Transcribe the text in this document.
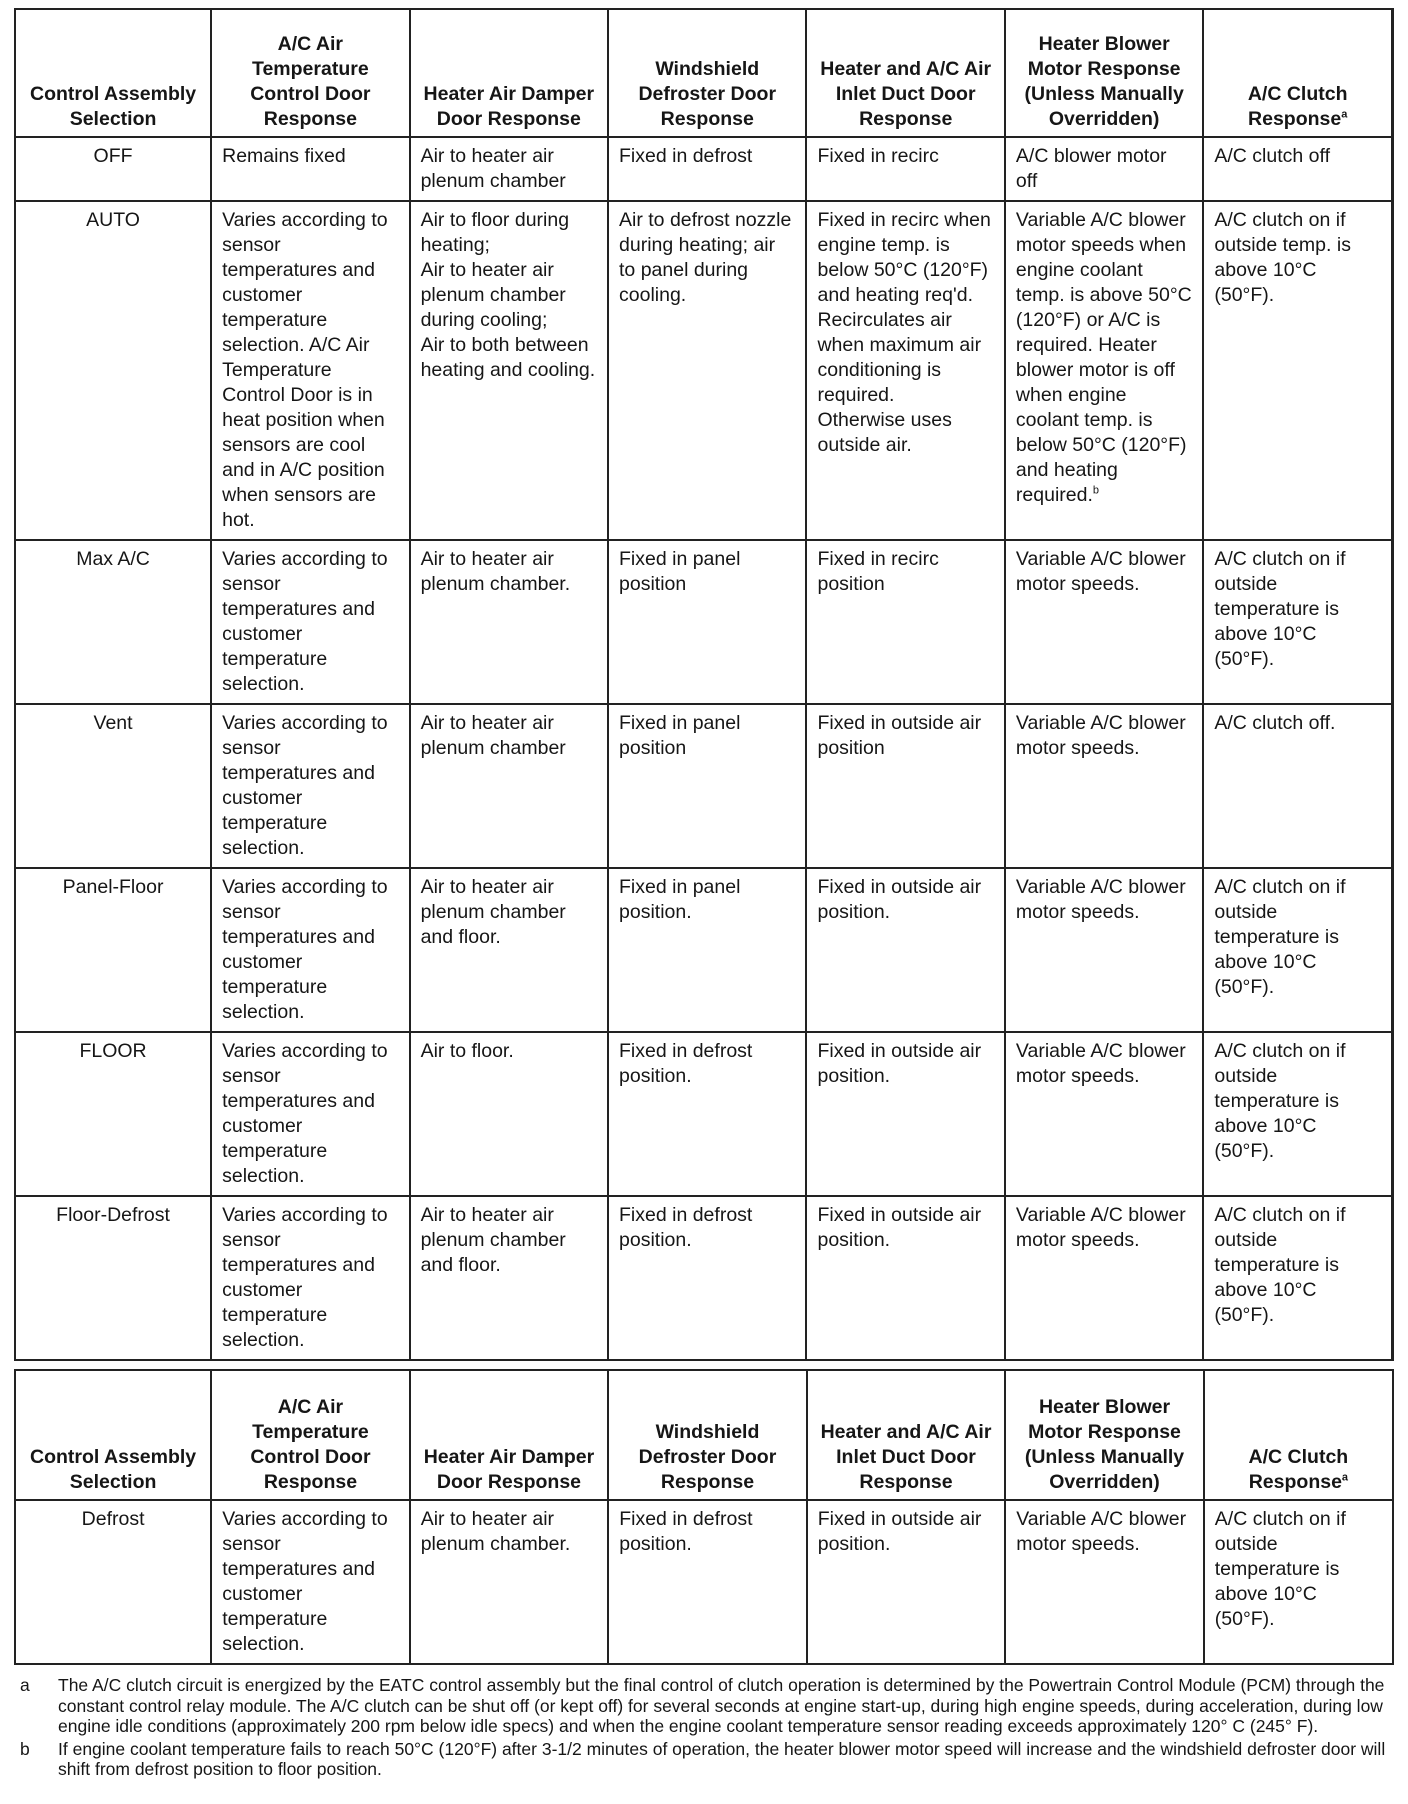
Control Assembly Selection	A/C Air Temperature Control Door Response	Heater Air Damper Door Response	Windshield Defroster Door Response	Heater and A/C Air Inlet Duct Door Response	Heater Blower Motor Response (Unless Manually Overridden)	A/C Clutch Response$^a$
OFF	Remains fixed	Air to heater air plenum chamber	Fixed in defrost	Fixed in recirc	A/C blower motor off	A/C clutch off
AUTO	Varies according to sensor temperatures and customer temperature selection. A/C Air Temperature Control Door is in heat position when sensors are cool and in A/C position when sensors are hot.	Air to floor during heating;
Air to heater air plenum chamber during cooling;
Air to both between heating and cooling.	Air to defrost nozzle during heating; air to panel during cooling.	Fixed in recirc when engine temp. is below 50°C (120°F) and heating req'd.
Recirculates air when maximum air conditioning is required.
Otherwise uses outside air.	Variable A/C blower motor speeds when engine coolant temp. is above 50°C (120°F) or A/C is required. Heater blower motor is off when engine coolant temp. is below 50°C (120°F) and heating required.$^b$	A/C clutch on if outside temp. is above 10°C (50°F).
Max A/C	Varies according to sensor temperatures and customer temperature selection.	Air to heater air plenum chamber.	Fixed in panel position	Fixed in recirc position	Variable A/C blower motor speeds.	A/C clutch on if outside temperature is above 10°C (50°F).
Vent	Varies according to sensor temperatures and customer temperature selection.	Air to heater air plenum chamber	Fixed in panel position	Fixed in outside air position	Variable A/C blower motor speeds.	A/C clutch off.
Panel-Floor	Varies according to sensor temperatures and customer temperature selection.	Air to heater air plenum chamber and floor.	Fixed in panel position.	Fixed in outside air position.	Variable A/C blower motor speeds.	A/C clutch on if outside temperature is above 10°C (50°F).
FLOOR	Varies according to sensor temperatures and customer temperature selection.	Air to floor.	Fixed in defrost position.	Fixed in outside air position.	Variable A/C blower motor speeds.	A/C clutch on if outside temperature is above 10°C (50°F).
Floor-Defrost	Varies according to sensor temperatures and customer temperature selection.	Air to heater air plenum chamber and floor.	Fixed in defrost position.	Fixed in outside air position.	Variable A/C blower motor speeds.	A/C clutch on if outside temperature is above 10°C (50°F).
Control Assembly Selection	A/C Air Temperature Control Door Response	Heater Air Damper Door Response	Windshield Defroster Door Response	Heater and A/C Air Inlet Duct Door Response	Heater Blower Motor Response (Unless Manually Overridden)	A/C Clutch Response$^a$
Defrost	Varies according to sensor temperatures and customer temperature selection.	Air to heater air plenum chamber.	Fixed in defrost position.	Fixed in outside air position.	Variable A/C blower motor speeds.	A/C clutch on if outside temperature is above 10°C (50°F).
a	The A/C clutch circuit is energized by the EATC control assembly but the final control of clutch operation is determined by the Powertrain Control Module (PCM) through the constant control relay module. The A/C clutch can be shut off (or kept off) for several seconds at engine start-up, during high engine speeds, during acceleration, during low engine idle conditions (approximately 200 rpm below idle specs) and when the engine coolant temperature sensor reading exceeds approximately 120° C (245° F).
b	If engine coolant temperature fails to reach 50°C (120°F) after 3-1/2 minutes of operation, the heater blower motor speed will increase and the windshield defroster door will shift from defrost position to floor position.
